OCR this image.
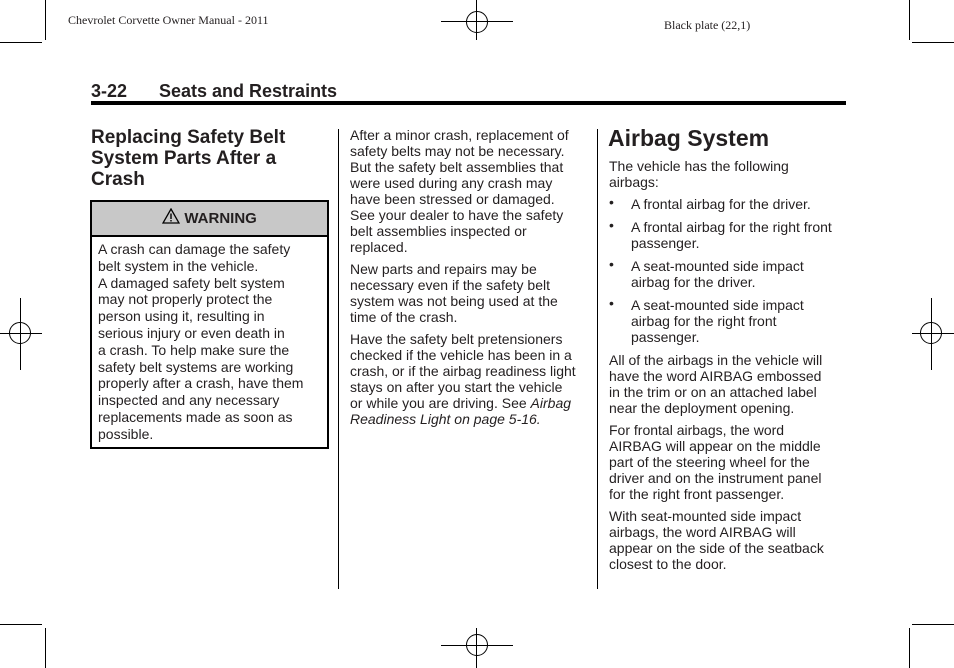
Chevrolet Corvette Owner Manual - 2011	Black plate (22,1)
3-22 Seats and Restraints
Replacing Safety Belt
System Parts After a
Crash
WARNING
A crash can damage the safety
belt system in the vehicle.
A damaged safety belt system
may not properly protect the
person using it, resulting in
serious injury or even death in
a crash. To help make sure the
safety belt systems are working
properly after a crash, have them
inspected and any necessary
replacements made as soon as
possible.
After a minor crash, replacement of
safety belts may not be necessary.
But the safety belt assemblies that
were used during any crash may
have been stressed or damaged.
See your dealer to have the safety
belt assemblies inspected or
replaced.
New parts and repairs may be
necessary even if the safety belt
system was not being used at the
time of the crash.
Have the safety belt pretensioners
checked if the vehicle has been in a
crash, or if the airbag readiness light
stays on after you start the vehicle
or while you are driving. See Airbag
Readiness Light on page 5-16.
Airbag System
The vehicle has the following
airbags:
• A frontal airbag for the driver.
• A frontal airbag for the right front
passenger.
• A seat-mounted side impact
airbag for the driver.
• A seat-mounted side impact
airbag for the right front
passenger.
All of the airbags in the vehicle will
have the word AIRBAG embossed
in the trim or on an attached label
near the deployment opening.
For frontal airbags, the word
AIRBAG will appear on the middle
part of the steering wheel for the
driver and on the instrument panel
for the right front passenger.
With seat-mounted side impact
airbags, the word AIRBAG will
appear on the side of the seatback
closest to the door.
